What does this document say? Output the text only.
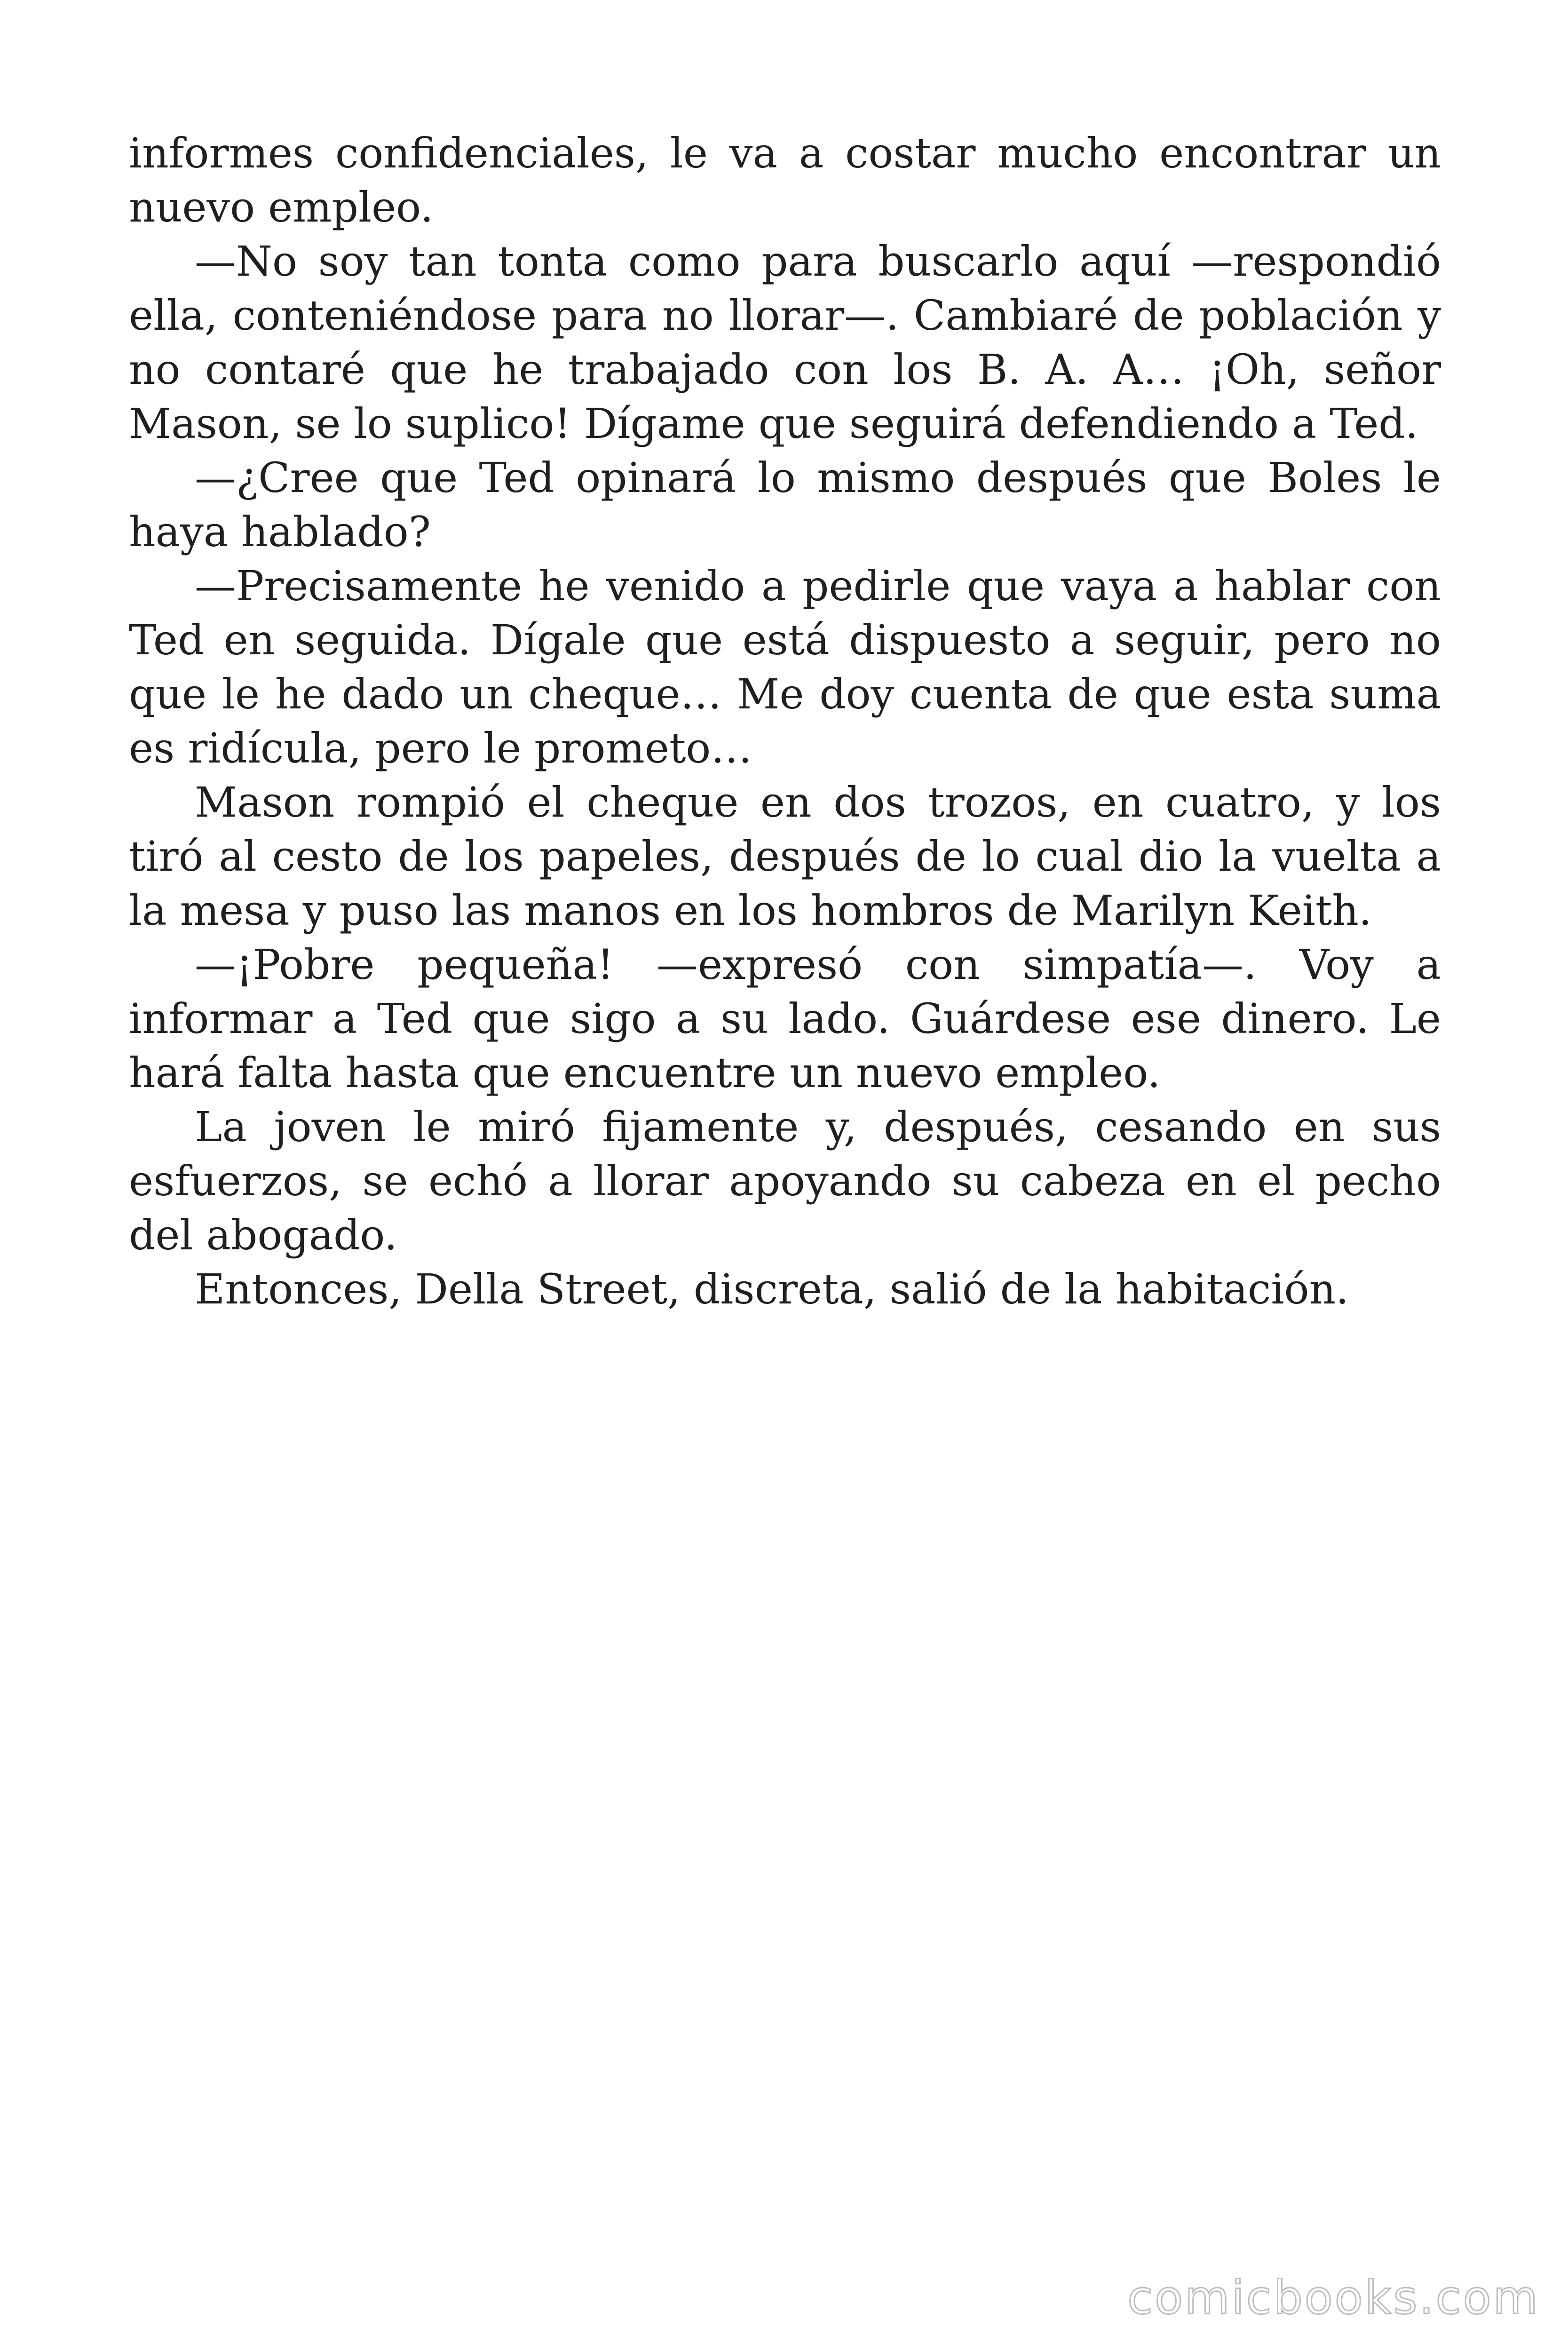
informes confidenciales, le va a costar mucho encontrar un nuevo empleo.

—No soy tan tonta como para buscarlo aquí —respondió ella, conteniéndose para no llorar—. Cambiaré de población y no contaré que he trabajado con los B. A. A… ¡Oh, señor Mason, se lo suplico! Dígame que seguirá defendiendo a Ted.

—¿Cree que Ted opinará lo mismo después que Boles le haya hablado?

—Precisamente he venido a pedirle que vaya a hablar con Ted en seguida. Dígale que está dispuesto a seguir, pero no que le he dado un cheque… Me doy cuenta de que esta suma es ridícula, pero le prometo…

Mason rompió el cheque en dos trozos, en cuatro, y los tiró al cesto de los papeles, después de lo cual dio la vuelta a la mesa y puso las manos en los hombros de Marilyn Keith.

—¡Pobre pequeña! —expresó con simpatía—. Voy a informar a Ted que sigo a su lado. Guárdese ese dinero. Le hará falta hasta que encuentre un nuevo empleo.

La joven le miró fijamente y, después, cesando en sus esfuerzos, se echó a llorar apoyando su cabeza en el pecho del abogado.

Entonces, Della Street, discreta, salió de la habitación.

comicbooks.com
